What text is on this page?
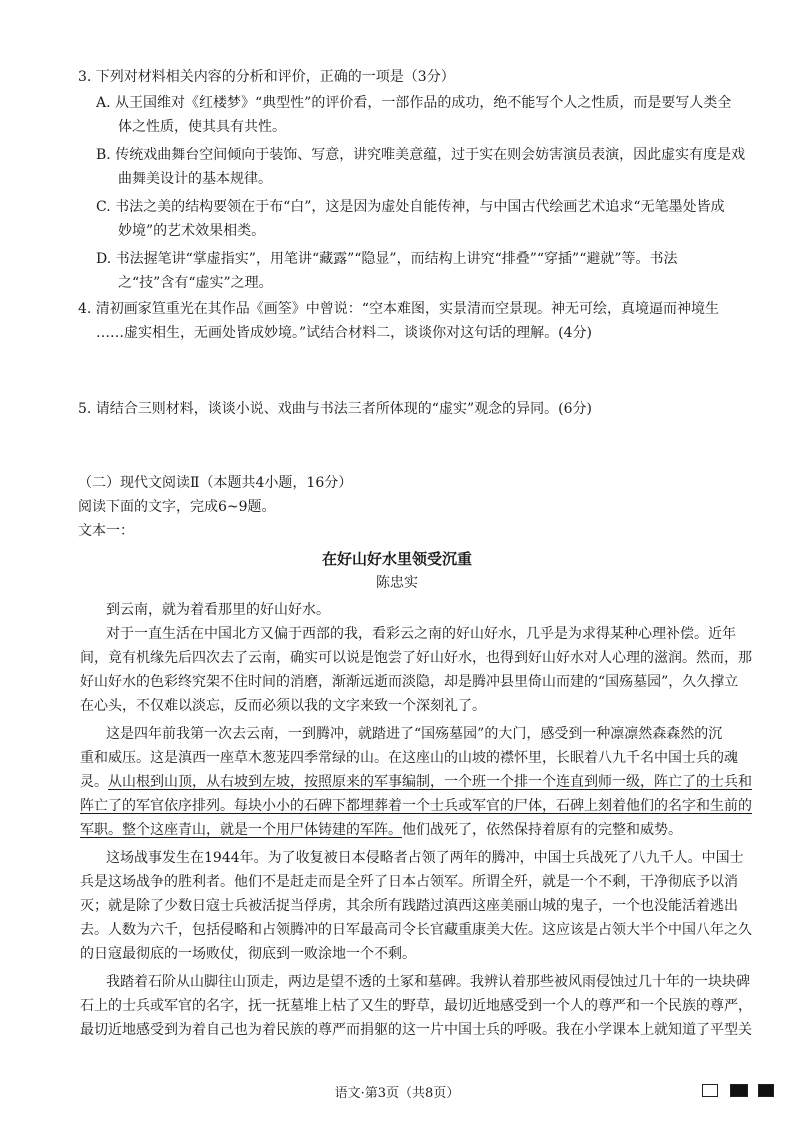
3. 下列对材料相关内容的分析和评价，正确的一项是（3分）
A. 从王国维对《红楼梦》“典型性”的评价看，一部作品的成功，绝不能写个人之性质，而是要写人类全
体之性质，使其具有共性。
B. 传统戏曲舞台空间倾向于装饰、写意，讲究唯美意蕴，过于实在则会妨害演员表演，因此虚实有度是戏
曲舞美设计的基本规律。
C. 书法之美的结构要领在于布“白”，这是因为虚处自能传神，与中国古代绘画艺术追求“无笔墨处皆成
妙境”的艺术效果相类。
D. 书法握笔讲“掌虚指实”，用笔讲“藏露”“隐显”，而结构上讲究“排叠”“穿插”“避就”等。书法
之“技”含有“虚实”之理。
4. 清初画家笪重光在其作品《画筌》中曾说：“空本难图，实景清而空景现。神无可绘，真境逼而神境生
……虚实相生，无画处皆成妙境。”试结合材料二，谈谈你对这句话的理解。(4分)
5. 请结合三则材料，谈谈小说、戏曲与书法三者所体现的“虚实”观念的异同。(6分)
（二）现代文阅读Ⅱ（本题共4小题，16分）
阅读下面的文字，完成6~9题。
文本一：
在好山好水里领受沉重
陈忠实
到云南，就为着看那里的好山好水。
对于一直生活在中国北方又偏于西部的我，看彩云之南的好山好水，几乎是为求得某种心理补偿。近年
间，竟有机缘先后四次去了云南，确实可以说是饱尝了好山好水，也得到好山好水对人心理的滋润。然而，那
好山好水的色彩终究架不住时间的消磨，渐渐远逝而淡隐，却是腾冲县里倚山而建的“国殇墓园”，久久撑立
在心头，不仅难以淡忘，反而必须以我的文字来致一个深刻礼了。
这是四年前我第一次去云南，一到腾冲，就踏进了“国殇墓园”的大门，感受到一种凛凛然森森然的沉
重和威压。这是滇西一座草木葱茏四季常绿的山。在这座山的山坡的襟怀里，长眠着八九千名中国士兵的魂
灵。从山根到山顶，从右坡到左坡，按照原来的军事编制，一个班一个排一个连直到师一级，阵亡了的士兵和
阵亡了的军官依序排列。每块小小的石碑下都埋葬着一个士兵或军官的尸体，石碑上刻着他们的名字和生前的
军职。整个这座青山，就是一个用尸体铸建的军阵。他们战死了，依然保持着原有的完整和威势。
这场战事发生在1944年。为了收复被日本侵略者占领了两年的腾冲，中国士兵战死了八九千人。中国士
兵是这场战争的胜利者。他们不是赶走而是全歼了日本占领军。所谓全歼，就是一个不剩，干净彻底予以消
灭；就是除了少数日寇士兵被活捉当俘虏，其余所有践踏过滇西这座美丽山城的鬼子，一个也没能活着逃出
去。人数为六千，包括侵略和占领腾冲的日军最高司令长官藏重康美大佐。这应该是占领大半个中国八年之久
的日寇最彻底的一场败仗，彻底到一败涂地一个不剩。
我踏着石阶从山脚往山顶走，两边是望不透的土冢和墓碑。我辨认着那些被风雨侵蚀过几十年的一块块碑
石上的士兵或军官的名字，抚一抚墓堆上枯了又生的野草，最切近地感受到一个人的尊严和一个民族的尊严，
最切近地感受到为着自己也为着民族的尊严而捐躯的这一片中国士兵的呼吸。我在小学课本上就知道了平型关
语文·第3页（共8页）
